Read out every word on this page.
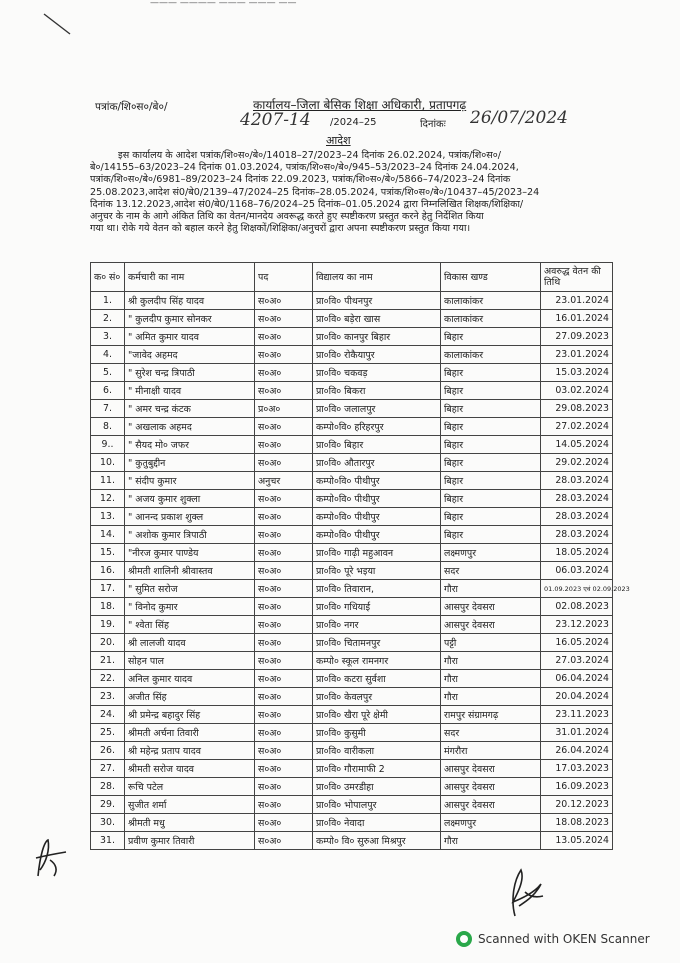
——— ———— ——— ——— ——
पत्रांक/शि०स०/बे०/	कार्यालय–जिला बेसिक शिक्षा अधिकारी, प्रतापगढ़
4207-14 /2024–25	दिनांकः 26/07/2024
आदेश
इस कार्यालय के आदेश पत्रांक/शि०स०/बे०/14018–27/2023–24 दिनांक 26.02.2024, पत्रांक/शि०स०/
बे०/14155–63/2023–24 दिनांक 01.03.2024, पत्रांक/शि०स०/बे०/945–53/2023–24 दिनांक 24.04.2024,
पत्रांक/शि०स०/बे०/6981–89/2023–24 दिनांक 22.09.2023, पत्रांक/शि०स०/बे०/5866–74/2023–24 दिनांक
25.08.2023,आदेश सं0/बे0/2139–47/2024–25 दिनांक–28.05.2024, पत्रांक/शि०स०/बे०/10437–45/2023–24
दिनांक 13.12.2023,आदेश सं0/बे0/1168–76/2024–25 दिनांक–01.05.2024 द्वारा निम्नलिखित शिक्षक/शिक्षिका/
अनुचर के नाम के आगे अंकित तिथि का वेतन/मानदेय अवरूद्ध करते हुए स्पष्टीकरण प्रस्तुत करने हेतु निर्देशित किया
गया था। रोके गये वेतन को बहाल करने हेतु शिक्षकों/शिक्षिका/अनुचरों द्वारा अपना स्पष्टीकरण प्रस्तुत किया गया।
क० सं०	कर्मचारी का नाम	पद	विद्यालय का नाम	विकास खण्ड	अवरुद्ध वेतन की तिथि
1.	श्री कुलदीप सिंह यादव	स०अ०	प्रा०वि० पीथनपुर	कालाकांकर	23.01.2024
2.	" कुलदीप कुमार सोनकर	स०अ०	प्रा०वि० बड़ेरा खास	कालाकांकर	16.01.2024
3.	" अमित कुमार यादव	स०अ०	प्रा०वि० कानपुर बिहार	बिहार	27.09.2023
4.	"जावेद अहमद	स०अ०	प्रा०वि० रोकैयापुर	कालाकांकर	23.01.2024
5.	" सुरेश चन्द्र त्रिपाठी	स०अ०	प्रा०वि० चकवड़	बिहार	15.03.2024
6.	" मीनाक्षी यादव	स०अ०	प्रा०वि० बिकरा	बिहार	03.02.2024
7.	" अमर चन्द्र कंटक	प्र०अ०	प्रा०वि० जलालपुर	बिहार	29.08.2023
8.	" अखलाक अहमद	स०अ०	कम्पो०वि० हरिहरपुर	बिहार	27.02.2024
9..	" सैयद मो० जफर	स०अ०	प्रा०वि० बिहार	बिहार	14.05.2024
10.	" कुतुबुद्दीन	स०अ०	प्रा०वि० औतारपुर	बिहार	29.02.2024
11.	" संदीप कुमार	अनुचर	कम्पो०वि० पीथीपुर	बिहार	28.03.2024
12.	" अजय कुमार शुक्ला	स०अ०	कम्पो०वि० पीथीपुर	बिहार	28.03.2024
13.	" आनन्द प्रकाश शुक्ल	स०अ०	कम्पो०वि० पीथीपुर	बिहार	28.03.2024
14.	" अशोक कुमार त्रिपाठी	स०अ०	कम्पो०वि० पीथीपुर	बिहार	28.03.2024
15.	"नीरज कुमार पाण्डेय	स०अ०	प्रा०वि० गाढ़ी महुआवन	लक्ष्मणपुर	18.05.2024
16.	श्रीमती शालिनी श्रीवास्तव	स०अ०	प्रा०वि० पूरे भइया	सदर	06.03.2024
17.	" सुमित सरोज	स०अ०	प्रा०वि० तिवारान,	गौरा	01.09.2023 एवं 02.09.2023
18.	" विनोद कुमार	स०अ०	प्रा०वि० गधियाई	आसपुर देवसरा	02.08.2023
19.	" श्वेता सिंह	स०अ०	प्रा०वि० नगर	आसपुर देवसरा	23.12.2023
20.	श्री लालजी यादव	स०अ०	प्रा०वि० चितामनपुर	पट्टी	16.05.2024
21.	सोहन पाल	स०अ०	कम्पो० स्कूल रामनगर	गौरा	27.03.2024
22.	अनिल कुमार यादव	स०अ०	प्रा०वि० कटरा सुर्वशा	गौरा	06.04.2024
23.	अजीत सिंह	स०अ०	प्रा०वि० केवलपुर	गौरा	20.04.2024
24.	श्री प्रमेन्द्र बहादुर सिंह	स०अ०	प्रा०वि० खैरा पूरे क्षेमी	रामपुर संग्रामगढ़	23.11.2023
25.	श्रीमती अर्चना तिवारी	स०अ०	प्रा०वि० कुसुमी	सदर	31.01.2024
26.	श्री महेन्द्र प्रताप यादव	स०अ०	प्रा०वि० वारीकला	मंगरौरा	26.04.2024
27.	श्रीमती सरोज यादव	स०अ०	प्रा०वि० गौरामाफी 2	आसपुर देवसरा	17.03.2023
28.	रूचि पटेल	स०अ०	प्रा०वि० उमरडीहा	आसपुर देवसरा	16.09.2023
29.	सुजीत शर्मा	स०अ०	प्रा०वि० भोपालपुर	आसपुर देवसरा	20.12.2023
30.	श्रीमती मधु	स०अ०	प्रा०वि० नेवादा	लक्ष्मणपुर	18.08.2023
31.	प्रवीण कुमार तिवारी	स०अ०	कम्पो० वि० सुरुआ मिश्रपुर	गौरा	13.05.2024
Scanned with OKEN Scanner
